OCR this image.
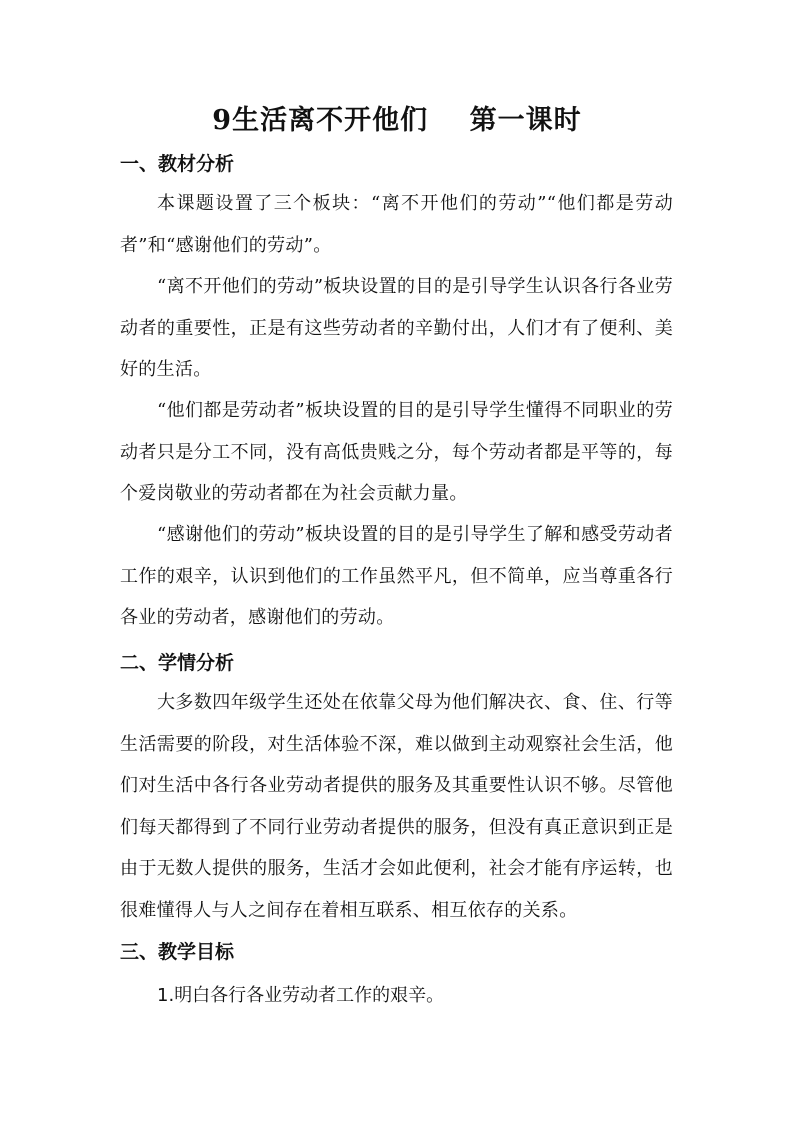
9生活离不开他们    第一课时
一、教材分析
本课题设置了三个板块：“离不开他们的劳动”“他们都是劳动者”和“感谢他们的劳动”。
“离不开他们的劳动”板块设置的目的是引导学生认识各行各业劳动者的重要性，正是有这些劳动者的辛勤付出，人们才有了便利、美好的生活。
“他们都是劳动者”板块设置的目的是引导学生懂得不同职业的劳动者只是分工不同，没有高低贵贱之分，每个劳动者都是平等的，每个爱岗敬业的劳动者都在为社会贡献力量。
“感谢他们的劳动”板块设置的目的是引导学生了解和感受劳动者工作的艰辛，认识到他们的工作虽然平凡，但不简单，应当尊重各行各业的劳动者，感谢他们的劳动。
二、学情分析
大多数四年级学生还处在依靠父母为他们解决衣、食、住、行等生活需要的阶段，对生活体验不深，难以做到主动观察社会生活，他们对生活中各行各业劳动者提供的服务及其重要性认识不够。尽管他们每天都得到了不同行业劳动者提供的服务，但没有真正意识到正是由于无数人提供的服务，生活才会如此便利，社会才能有序运转，也很难懂得人与人之间存在着相互联系、相互依存的关系。
三、教学目标
1.明白各行各业劳动者工作的艰辛。
